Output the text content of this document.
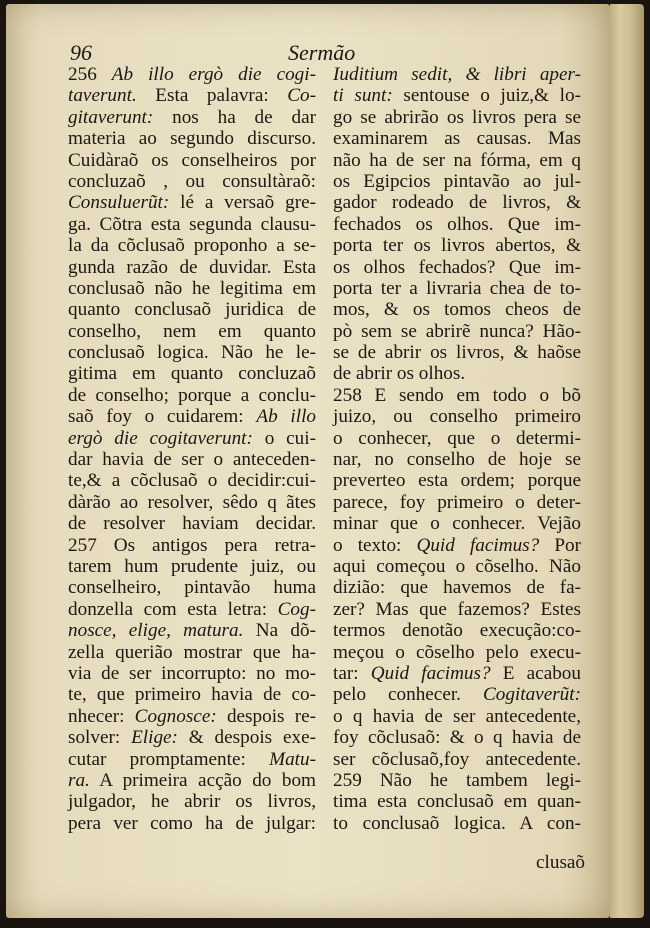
96	Sermão
256 Ab illo ergò die cogi-
taverunt. Esta palavra: Co-
gitaverunt: nos ha de dar
materia ao segundo discurso.
Cuidàraõ os conselheiros por
concluzaõ , ou consultàraõ:
Consuluerũt: lé a versaõ gre-
ga. Cõtra esta segunda clausu-
la da cõclusaõ proponho a se-
gunda razão de duvidar. Esta
conclusaõ não he legitima em
quanto conclusaõ juridica de
conselho, nem em quanto
conclusaõ logica. Não he le-
gitima em quanto concluzaõ
de conselho; porque a conclu-
saõ foy o cuidarem: Ab illo
ergò die cogitaverunt: o cui-
dar havia de ser o anteceden-
te,& a cõclusaõ o decidir:cui-
dàrão ao resolver, sêdo q ãtes
de resolver haviam decidar.
257 Os antigos pera retra-
tarem hum prudente juiz, ou
conselheiro, pintavão huma
donzella com esta letra: Cog-
nosce, elige, matura. Na dõ-
zella querião mostrar que ha-
via de ser incorrupto: no mo-
te, que primeiro havia de co-
nhecer: Cognosce: despois re-
solver: Elige: & despois exe-
cutar promptamente: Matu-
ra. A primeira acção do bom
julgador, he abrir os livros,
pera ver como ha de julgar:
Iuditium sedit, & libri aper-
ti sunt: sentouse o juiz,& lo-
go se abrirão os livros pera se
examinarem as causas. Mas
não ha de ser na fórma, em q
os Egipcios pintavão ao jul-
gador rodeado de livros, &
fechados os olhos. Que im-
porta ter os livros abertos, &
os olhos fechados? Que im-
porta ter a livraria chea de to-
mos, & os tomos cheos de
pò sem se abrirẽ nunca? Hão-
se de abrir os livros, & haõse
de abrir os olhos.
258 E sendo em todo o bõ
juizo, ou conselho primeiro
o conhecer, que o determi-
nar, no conselho de hoje se
preverteo esta ordem; porque
parece, foy primeiro o deter-
minar que o conhecer. Vejão
o texto: Quid facimus? Por
aqui começou o cõselho. Não
dizião: que havemos de fa-
zer? Mas que fazemos? Estes
termos denotão execução:co-
meçou o cõselho pelo execu-
tar: Quid facimus? E acabou
pelo conhecer. Cogitaverũt:
o q havia de ser antecedente,
foy cõclusaõ: & o q havia de
ser cõclusaõ,foy antecedente.
259 Não he tambem legi-
tima esta conclusaõ em quan-
to conclusaõ logica. A con-
clusaõ
